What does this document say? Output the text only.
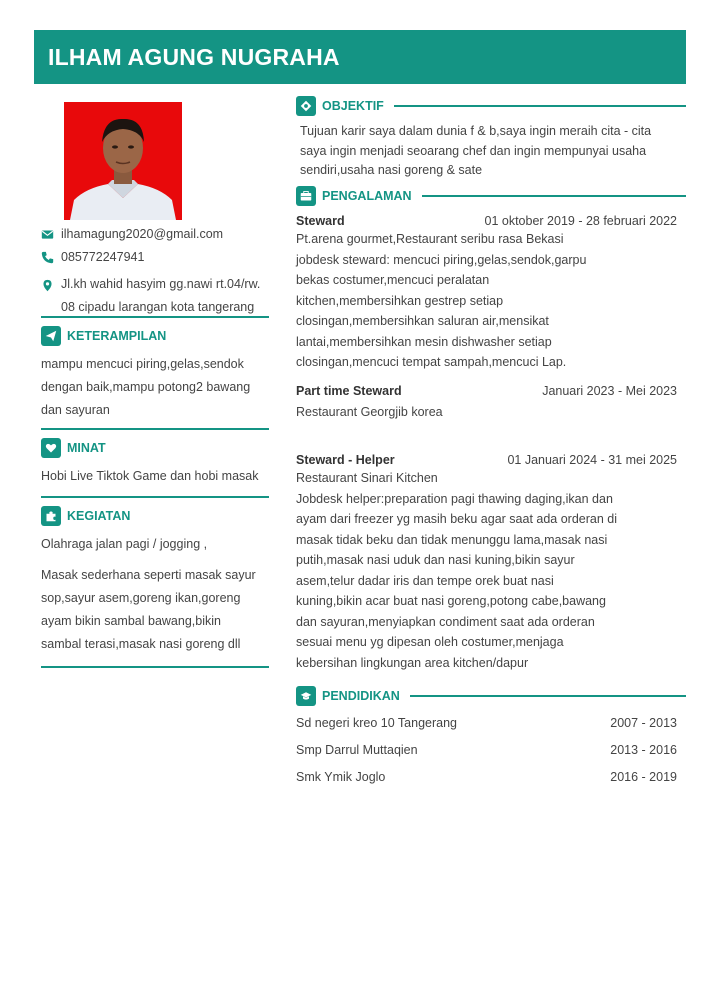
ILHAM AGUNG NUGRAHA
ilhamagung2020@gmail.com
085772247941
Jl.kh wahid hasyim gg.nawi rt.04/rw.
08 cipadu larangan kota tangerang
KETERAMPILAN
mampu mencuci piring,gelas,sendok
dengan baik,mampu potong2 bawang
dan sayuran
MINAT
Hobi Live Tiktok Game dan hobi masak
KEGIATAN
Olahraga jalan pagi / jogging ,
Masak sederhana seperti masak sayur
sop,sayur asem,goreng ikan,goreng
ayam bikin sambal bawang,bikin
sambal terasi,masak nasi goreng dll
OBJEKTIF
Tujuan karir saya dalam dunia f & b,saya ingin meraih cita - cita
saya ingin menjadi seoarang chef dan ingin mempunyai usaha
sendiri,usaha nasi goreng & sate
PENGALAMAN
Steward	01 oktober 2019 - 28 februari 2022
Pt.arena gourmet,Restaurant seribu rasa Bekasi
jobdesk steward: mencuci piring,gelas,sendok,garpu
bekas costumer,mencuci peralatan
kitchen,membersihkan gestrep setiap
closingan,membersihkan saluran air,mensikat
lantai,membersihkan mesin dishwasher setiap
closingan,mencuci tempat sampah,mencuci Lap.
Part time Steward	Januari 2023 - Mei 2023
Restaurant Georgjib korea
Steward - Helper	01 Januari 2024 - 31 mei 2025
Restaurant Sinari Kitchen
Jobdesk helper:preparation pagi thawing daging,ikan dan
ayam dari freezer yg masih beku agar saat ada orderan di
masak tidak beku dan tidak menunggu lama,masak nasi
putih,masak nasi uduk dan nasi kuning,bikin sayur
asem,telur dadar iris dan tempe orek buat nasi
kuning,bikin acar buat nasi goreng,potong cabe,bawang
dan sayuran,menyiapkan condiment saat ada orderan
sesuai menu yg dipesan oleh costumer,menjaga
kebersihan lingkungan area kitchen/dapur
PENDIDIKAN
Sd negeri kreo 10 Tangerang	2007 - 2013
Smp Darrul Muttaqien	2013 - 2016
Smk Ymik Joglo	2016 - 2019
